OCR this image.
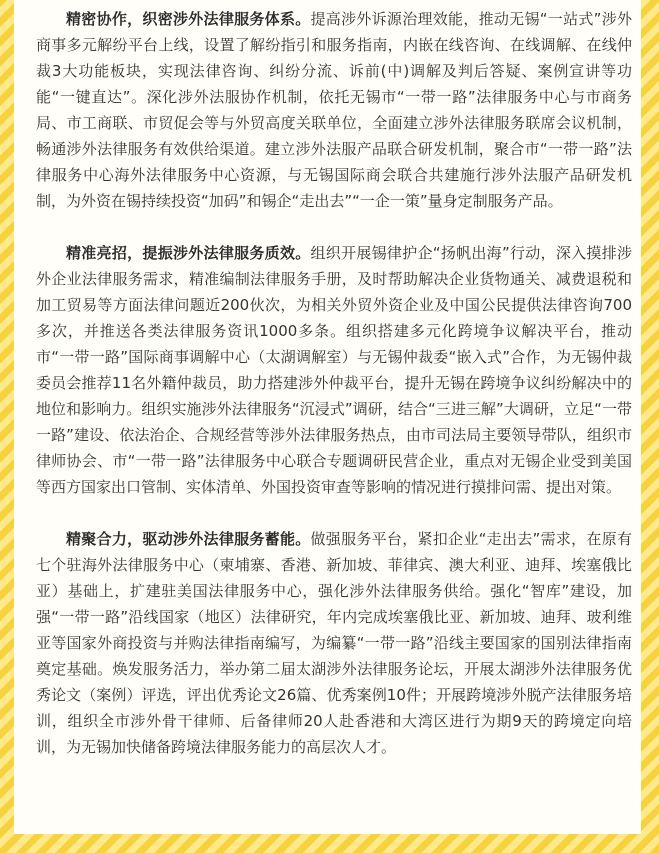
精密协作，织密涉外法律服务体系。提高涉外诉源治理效能，推动无锡“一站式”涉外商事多元解纷平台上线，设置了解纷指引和服务指南，内嵌在线咨询、在线调解、在线仲裁3大功能板块，实现法律咨询、纠纷分流、诉前(中)调解及判后答疑、案例宣讲等功能“一键直达”。深化涉外法服协作机制，依托无锡市“一带一路”法律服务中心与市商务局、市工商联、市贸促会等与外贸高度关联单位，全面建立涉外法律服务联席会议机制，畅通涉外法律服务有效供给渠道。建立涉外法服产品联合研发机制，聚合市“一带一路”法律服务中心海外法律服务中心资源，与无锡国际商会联合共建施行涉外法服产品研发机制，为外资在锡持续投资“加码”和锡企“走出去”“一企一策”量身定制服务产品。

精准亮招，提振涉外法律服务质效。组织开展锡律护企“扬帆出海”行动，深入摸排涉外企业法律服务需求，精准编制法律服务手册，及时帮助解决企业货物通关、减费退税和加工贸易等方面法律问题近200伙次，为相关外贸外资企业及中国公民提供法律咨询700多次，并推送各类法律服务资讯1000多条。组织搭建多元化跨境争议解决平台，推动市“一带一路”国际商事调解中心（太湖调解室）与无锡仲裁委“嵌入式”合作，为无锡仲裁委员会推荐11名外籍仲裁员，助力搭建涉外仲裁平台，提升无锡在跨境争议纠纷解决中的地位和影响力。组织实施涉外法律服务“沉浸式”调研，结合“三进三解”大调研，立足“一带一路”建设、依法治企、合规经营等涉外法律服务热点，由市司法局主要领导带队，组织市律师协会、市“一带一路”法律服务中心联合专题调研民营企业，重点对无锡企业受到美国等西方国家出口管制、实体清单、外国投资审查等影响的情况进行摸排问需、提出对策。

精聚合力，驱动涉外法律服务蓄能。做强服务平台，紧扣企业“走出去”需求，在原有七个驻海外法律服务中心（柬埔寨、香港、新加坡、菲律宾、澳大利亚、迪拜、埃塞俄比亚）基础上，扩建驻美国法律服务中心，强化涉外法律服务供给。强化“智库”建设，加强“一带一路”沿线国家（地区）法律研究，年内完成埃塞俄比亚、新加坡、迪拜、玻利维亚等国家外商投资与并购法律指南编写，为编纂“一带一路”沿线主要国家的国别法律指南奠定基础。焕发服务活力，举办第二届太湖涉外法律服务论坛，开展太湖涉外法律服务优秀论文（案例）评选，评出优秀论文26篇、优秀案例10件；开展跨境涉外脱产法律服务培训，组织全市涉外骨干律师、后备律师20人赴香港和大湾区进行为期9天的跨境定向培训，为无锡加快储备跨境法律服务能力的高层次人才。
